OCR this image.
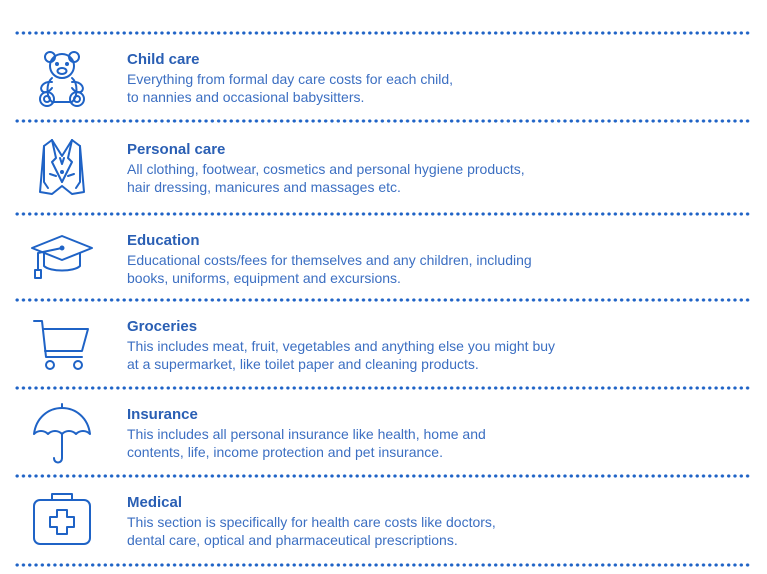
Child care

Everything from formal day care costs for each child,

to nannies and occasional babysitters.

Personal care

All clothing, footwear, cosmetics and personal hygiene products,

hair dressing, manicures and massages etc.

Education

Educational costs/fees for themselves and any children, including

books, uniforms, equipment and excursions.

Groceries

This includes meat, fruit, vegetables and anything else you might buy

at a supermarket, like toilet paper and cleaning products.

Insurance

This includes all personal insurance like health, home and

contents, life, income protection and pet insurance.

Medical

This section is specifically for health care costs like doctors,

dental care, optical and pharmaceutical prescriptions.
